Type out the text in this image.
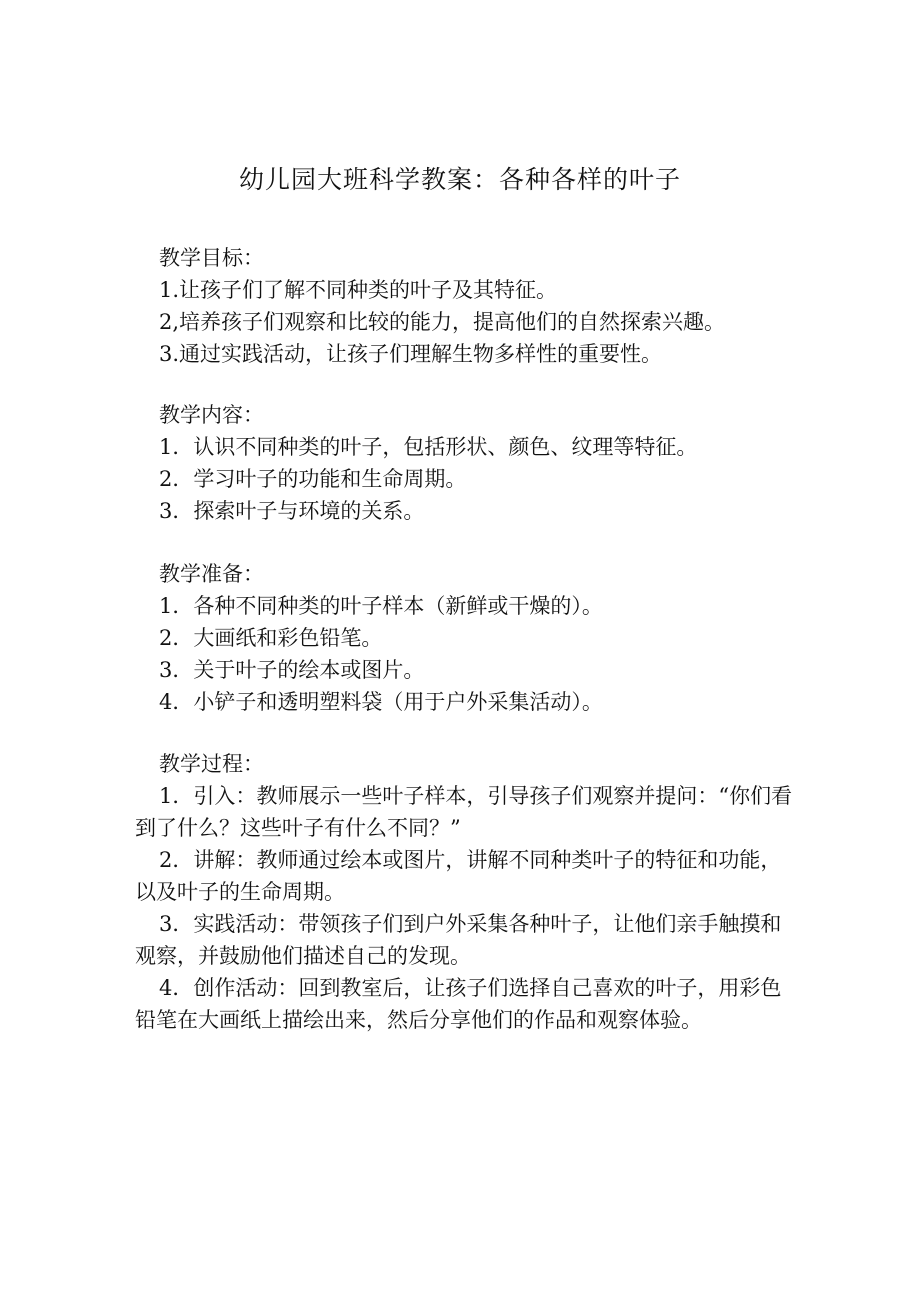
幼儿园大班科学教案：各种各样的叶子
教学目标：
1.让孩子们了解不同种类的叶子及其特征。
2,培养孩子们观察和比较的能力，提高他们的自然探索兴趣。
3.通过实践活动，让孩子们理解生物多样性的重要性。
教学内容：
1．认识不同种类的叶子，包括形状、颜色、纹理等特征。
2．学习叶子的功能和生命周期。
3．探索叶子与环境的关系。
教学准备：
1．各种不同种类的叶子样本（新鲜或干燥的）。
2．大画纸和彩色铅笔。
3．关于叶子的绘本或图片。
4．小铲子和透明塑料袋（用于户外采集活动）。
教学过程：
1．引入：教师展示一些叶子样本，引导孩子们观察并提问：“你们看到了什么？这些叶子有什么不同？”
2．讲解：教师通过绘本或图片，讲解不同种类叶子的特征和功能，以及叶子的生命周期。
3．实践活动：带领孩子们到户外采集各种叶子，让他们亲手触摸和观察，并鼓励他们描述自己的发现。
4．创作活动：回到教室后，让孩子们选择自己喜欢的叶子，用彩色铅笔在大画纸上描绘出来，然后分享他们的作品和观察体验。
